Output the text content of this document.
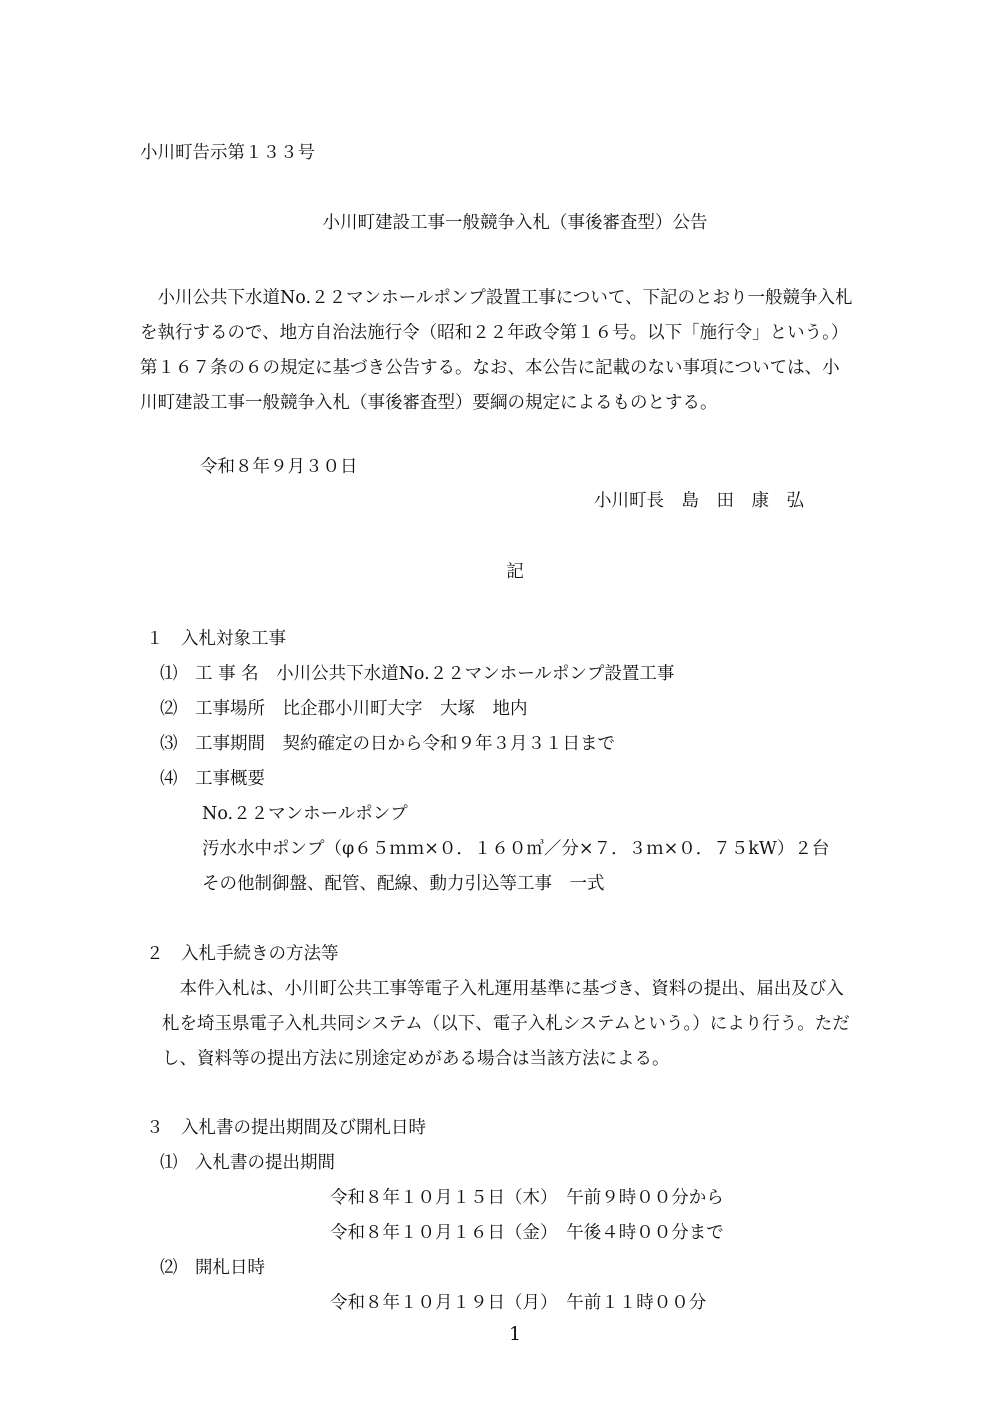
小川町告示第１３３号
小川町建設工事一般競争入札（事後審査型）公告
　小川公共下水道No.２２マンホールポンプ設置工事について、下記のとおり一般競争入札
を執行するので、地方自治法施行令（昭和２２年政令第１６号。以下「施行令」という。）
第１６７条の６の規定に基づき公告する。なお、本公告に記載のない事項については、小
川町建設工事一般競争入札（事後審査型）要綱の規定によるものとする。
令和８年９月３０日
小川町長　島　田　康　弘
記
１　入札対象工事
⑴　工 事 名　小川公共下水道No.２２マンホールポンプ設置工事
⑵　工事場所　比企郡小川町大字　大塚　地内
⑶　工事期間　契約確定の日から令和９年３月３１日まで
⑷　工事概要
No.２２マンホールポンプ
汚水水中ポンプ（φ６５ｍｍ×０．１６０㎥／分×７．３ｍ×０．７５kW）２台
その他制御盤、配管、配線、動力引込等工事　一式
２　入札手続きの方法等
　本件入札は、小川町公共工事等電子入札運用基準に基づき、資料の提出、届出及び入
札を埼玉県電子入札共同システム（以下、電子入札システムという。）により行う。ただ
し、資料等の提出方法に別途定めがある場合は当該方法による。
３　入札書の提出期間及び開札日時
⑴　入札書の提出期間
令和８年１０月１５日（木）　午前９時００分から
令和８年１０月１６日（金）　午後４時００分まで
⑵　開札日時
令和８年１０月１９日（月）　午前１１時００分
1
